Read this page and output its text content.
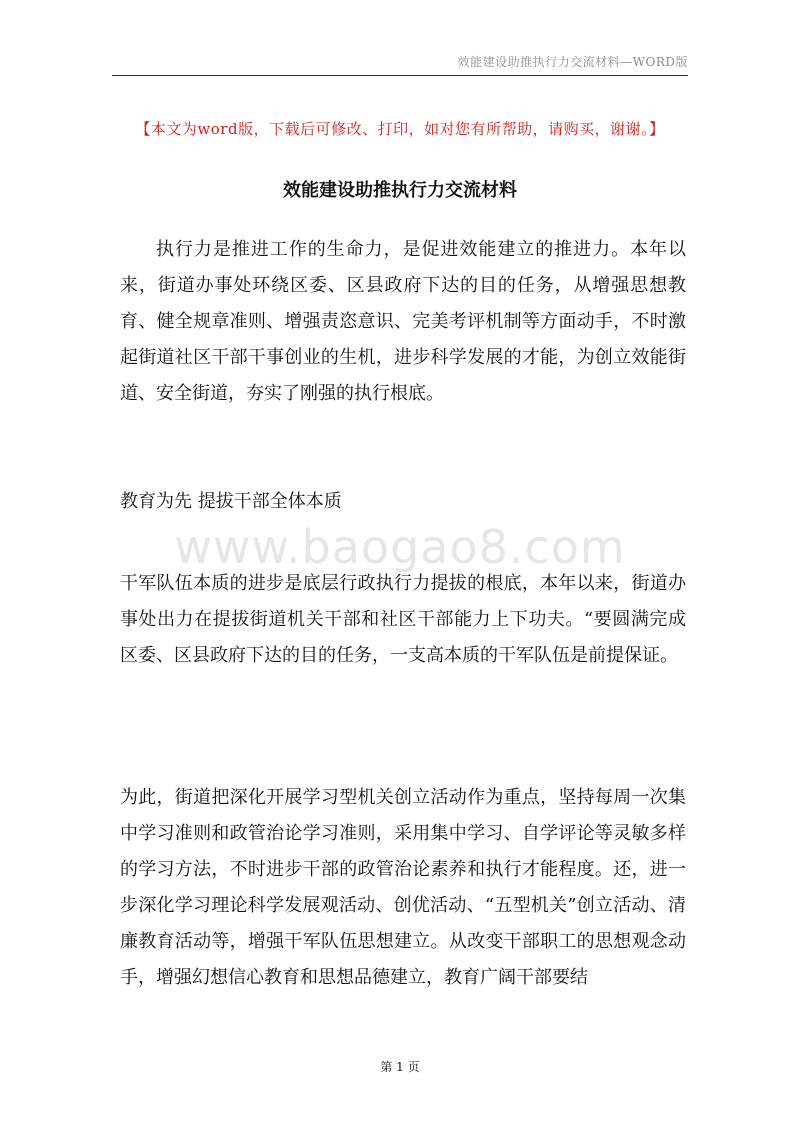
效能建设助推执行力交流材料—WORD版
【本文为word版，下载后可修改、打印，如对您有所帮助，请购买，谢谢。】
效能建设助推执行力交流材料

执行力是推进工作的生命力，是促进效能建立的推进力。本年以来，街道办事处环绕区委、区县政府下达的目的任务，从增强思想教育、健全规章准则、增强责恣意识、完美考评机制等方面动手，不时激起街道社区干部干事创业的生机，进步科学发展的才能，为创立效能街道、安全街道，夯实了刚强的执行根底。

教育为先 提拔干部全体本质

www.baogao8.com

干军队伍本质的进步是底层行政执行力提拔的根底，本年以来，街道办事处出力在提拔街道机关干部和社区干部能力上下功夫。“要圆满完成区委、区县政府下达的目的任务，一支高本质的干军队伍是前提保证。

为此，街道把深化开展学习型机关创立活动作为重点，坚持每周一次集中学习准则和政管治论学习准则，采用集中学习、自学评论等灵敏多样的学习方法，不时进步干部的政管治论素养和执行才能程度。还，进一步深化学习理论科学发展观活动、创优活动、“五型机关”创立活动、清廉教育活动等，增强干军队伍思想建立。从改变干部职工的思想观念动手，增强幻想信心教育和思想品德建立，教育广阔干部要结

第 1 页
